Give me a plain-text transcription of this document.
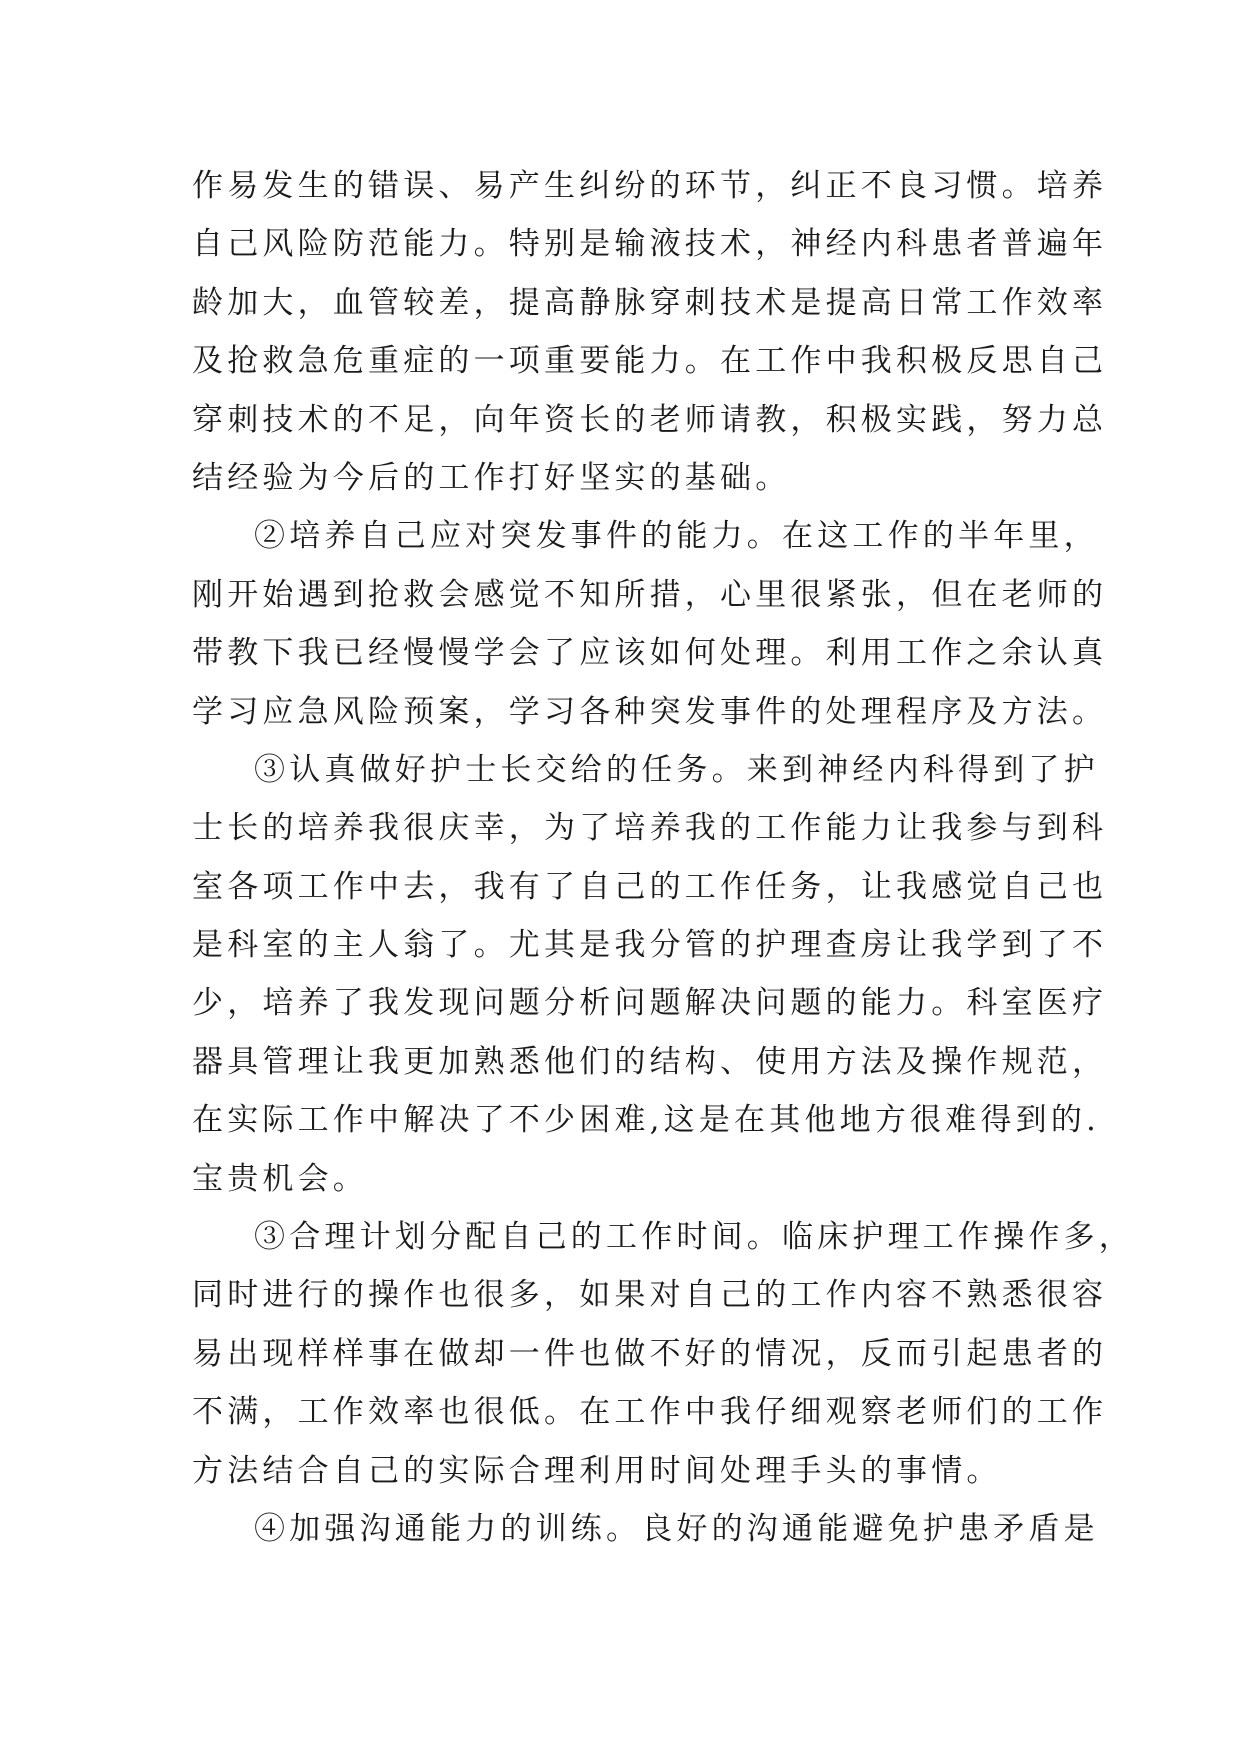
作易发生的错误、易产生纠纷的环节，纠正不良习惯。培养
自己风险防范能力。特别是输液技术，神经内科患者普遍年
龄加大，血管较差，提高静脉穿刺技术是提高日常工作效率
及抢救急危重症的一项重要能力。在工作中我积极反思自己
穿刺技术的不足，向年资长的老师请教，积极实践，努力总
结经验为今后的工作打好坚实的基础。
②培养自己应对突发事件的能力。在这工作的半年里，
刚开始遇到抢救会感觉不知所措，心里很紧张，但在老师的
带教下我已经慢慢学会了应该如何处理。利用工作之余认真
学习应急风险预案，学习各种突发事件的处理程序及方法。
③认真做好护士长交给的任务。来到神经内科得到了护
士长的培养我很庆幸，为了培养我的工作能力让我参与到科
室各项工作中去，我有了自己的工作任务，让我感觉自己也
是科室的主人翁了。尤其是我分管的护理查房让我学到了不
少，培养了我发现问题分析问题解决问题的能力。科室医疗
器具管理让我更加熟悉他们的结构、使用方法及操作规范，
在实际工作中解决了不少困难,这是在其他地方很难得到的.
宝贵机会。
③合理计划分配自己的工作时间。临床护理工作操作多，
同时进行的操作也很多，如果对自己的工作内容不熟悉很容
易出现样样事在做却一件也做不好的情况，反而引起患者的
不满，工作效率也很低。在工作中我仔细观察老师们的工作
方法结合自己的实际合理利用时间处理手头的事情。
④加强沟通能力的训练。良好的沟通能避免护患矛盾是
